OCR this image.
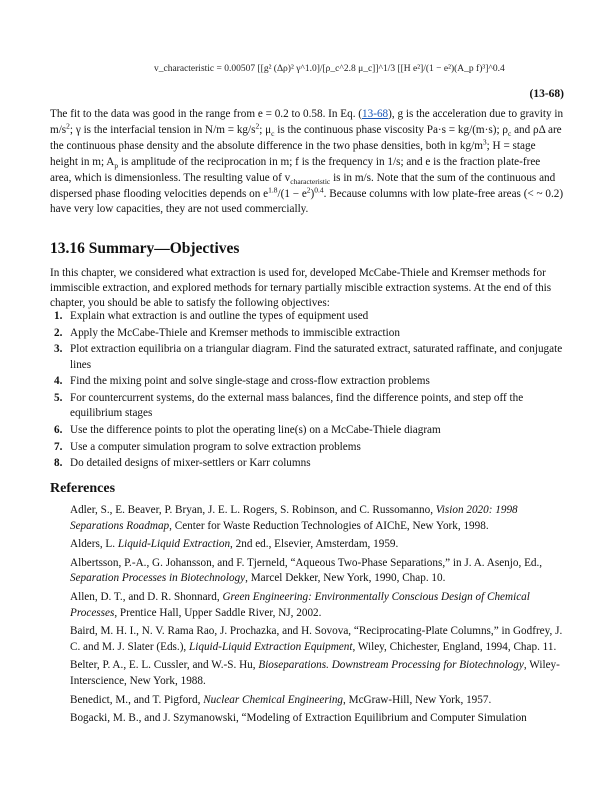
v_characteristic = 0.00507 [[g² (Δρ)² γ^1.0]/[ρ_c^2.8 μ_c]]^1/3 [[H e²]/(1 − e²)(A_p f)³]^0.4
(13-68)
The fit to the data was good in the range from e = 0.2 to 0.58. In Eq. (13-68), g is the acceleration due to gravity in $m/s^2$; γ is the interfacial tension in $N/m = kg/s^2$; $\mu_c$ is the continuous phase viscosity Pa·s = kg/(m·s); $\rho_c$ and ρΔ are the continuous phase density and the absolute difference in the two phase densities, both in $kg/m^3$; H = stage height in m; $A_p$ is amplitude of the reciprocation in m; f is the frequency in 1/s; and e is the fraction plate-free area, which is dimensionless. The resulting value of $v_{characteristic}$ is in m/s. Note that the sum of the continuous and dispersed phase flooding velocities depends on $e^{1.8}/(1 - e^2)^{0.4}$. Because columns with low plate-free areas (< ~ 0.2) have very low capacities, they are not used commercially.
13.16 Summary—Objectives
In this chapter, we considered what extraction is used for, developed McCabe-Thiele and Kremser methods for immiscible extraction, and explored methods for ternary partially miscible extraction systems. At the end of this chapter, you should be able to satisfy the following objectives:
1. Explain what extraction is and outline the types of equipment used
2. Apply the McCabe-Thiele and Kremser methods to immiscible extraction
3. Plot extraction equilibria on a triangular diagram. Find the saturated extract, saturated raffinate, and conjugate lines
4. Find the mixing point and solve single-stage and cross-flow extraction problems
5. For countercurrent systems, do the external mass balances, find the difference points, and step off the equilibrium stages
6. Use the difference points to plot the operating line(s) on a McCabe-Thiele diagram
7. Use a computer simulation program to solve extraction problems
8. Do detailed designs of mixer-settlers or Karr columns
References
Adler, S., E. Beaver, P. Bryan, J. E. L. Rogers, S. Robinson, and C. Russomanno, Vision 2020: 1998 Separations Roadmap, Center for Waste Reduction Technologies of AIChE, New York, 1998.
Alders, L. Liquid-Liquid Extraction, 2nd ed., Elsevier, Amsterdam, 1959.
Albertsson, P.-A., G. Johansson, and F. Tjerneld, “Aqueous Two-Phase Separations,” in J. A. Asenjo, Ed., Separation Processes in Biotechnology, Marcel Dekker, New York, 1990, Chap. 10.
Allen, D. T., and D. R. Shonnard, Green Engineering: Environmentally Conscious Design of Chemical Processes, Prentice Hall, Upper Saddle River, NJ, 2002.
Baird, M. H. I., N. V. Rama Rao, J. Prochazka, and H. Sovova, “Reciprocating-Plate Columns,” in Godfrey, J. C. and M. J. Slater (Eds.), Liquid-Liquid Extraction Equipment, Wiley, Chichester, England, 1994, Chap. 11.
Belter, P. A., E. L. Cussler, and W.-S. Hu, Bioseparations. Downstream Processing for Biotechnology, Wiley-Interscience, New York, 1988.
Benedict, M., and T. Pigford, Nuclear Chemical Engineering, McGraw-Hill, New York, 1957.
Bogacki, M. B., and J. Szymanowski, “Modeling of Extraction Equilibrium and Computer Simulation
